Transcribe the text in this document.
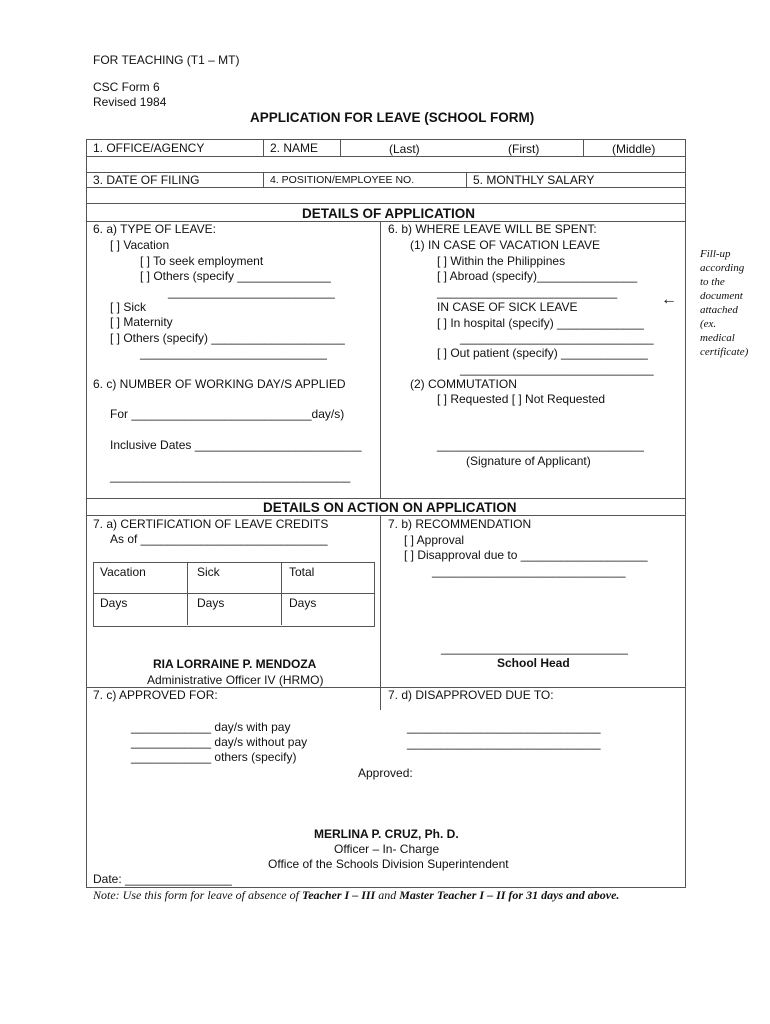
FOR TEACHING (T1 – MT)
CSC Form 6
Revised 1984
APPLICATION FOR LEAVE (SCHOOL FORM)
1. OFFICE/AGENCY	2. NAME	(Last)	(First)	(Middle)
3. DATE OF FILING	4. POSITION/EMPLOYEE NO.	5. MONTHLY SALARY
DETAILS OF APPLICATION
6. a) TYPE OF LEAVE:
[ ] Vacation
[ ] To seek employment
[ ] Others (specify ______________
_________________________
[ ] Sick
[ ] Maternity
[ ] Others (specify) ____________________
____________________________
6. c) NUMBER OF WORKING DAY/S APPLIED
For ___________________________day/s)
Inclusive Dates _________________________
____________________________________
6. b) WHERE LEAVE WILL BE SPENT:
(1) IN CASE OF VACATION LEAVE
[ ] Within the Philippines
[ ] Abroad (specify)_______________
___________________________
IN CASE OF SICK LEAVE
[ ] In hospital (specify) _____________
_____________________________
[ ] Out patient (specify) _____________
_____________________________
(2) COMMUTATION
[ ] Requested [ ] Not Requested
_______________________________
(Signature of Applicant)
←
Fill-up
according
to the
document
attached
(ex.
medical
certificate)
DETAILS ON ACTION ON APPLICATION
7. a) CERTIFICATION OF LEAVE CREDITS
As of ____________________________
Vacation	Sick	Total
Days	Days	Days
RIA LORRAINE P. MENDOZA
Administrative Officer IV (HRMO)
7. b) RECOMMENDATION
[ ] Approval
[ ] Disapproval due to ___________________
_____________________________
____________________________
School Head
7. c) APPROVED FOR:
____________ day/s with pay
____________ day/s without pay
____________ others (specify)
7. d) DISAPPROVED DUE TO:
_____________________________
_____________________________
Approved:
MERLINA P. CRUZ, Ph. D.
Officer – In- Charge
Office of the Schools Division Superintendent
Date: ________________
Note: Use this form for leave of absence of Teacher I – III and Master Teacher I – II for 31 days and above.
